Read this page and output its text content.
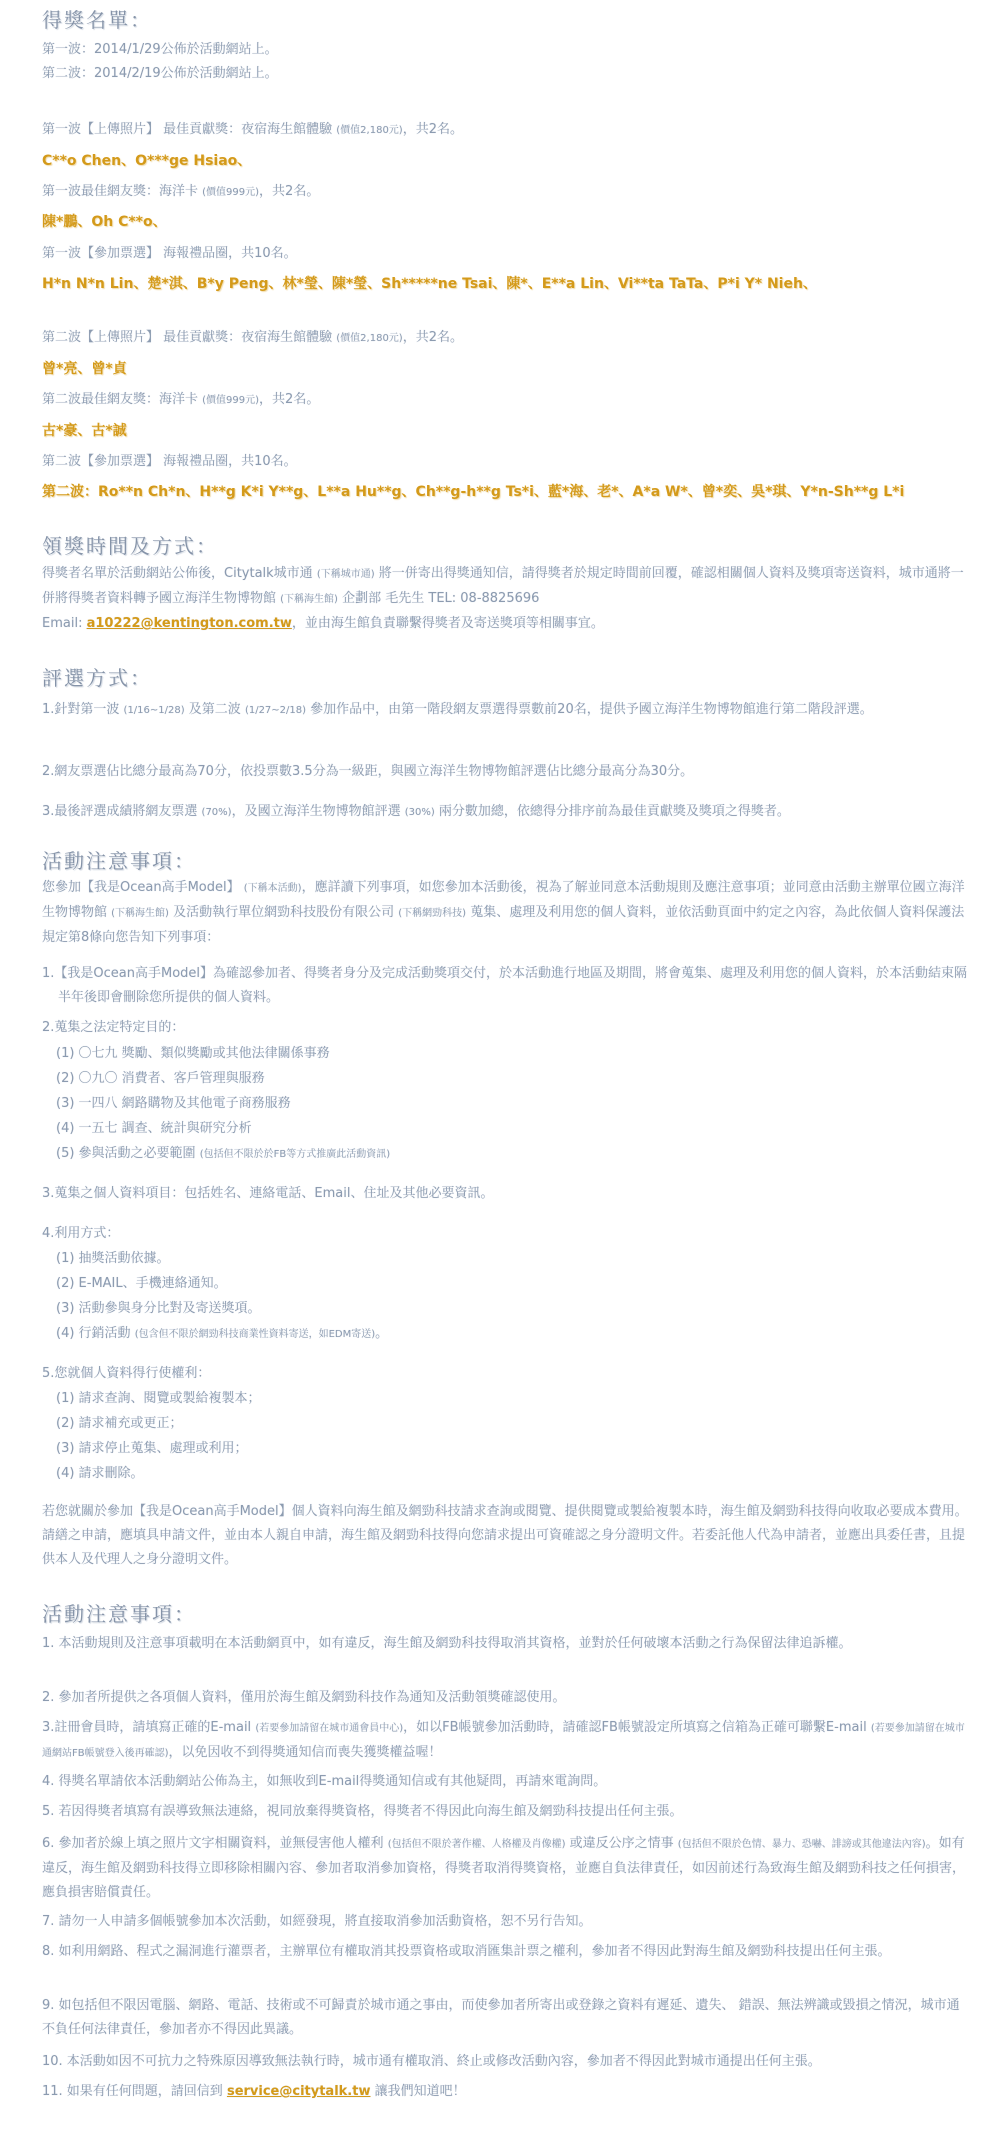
得獎名單：
第一波：2014/1/29公佈於活動網站上。
第二波：2014/2/19公佈於活動網站上。
第一波【上傳照片】 最佳貢獻獎：夜宿海生館體驗 (價值2,180元)，共2名。
C**o Chen、O***ge Hsiao、
第一波最佳網友獎：海洋卡 (價值999元)，共2名。
陳*鵬、Oh C**o、
第一波【參加票選】 海報禮品圈，共10名。
H*n N*n Lin、楚*淇、B*y Peng、林*瑩、陳*瑩、Sh*****ne Tsai、陳*、E**a Lin、Vi**ta TaTa、P*i Y* Nieh、
第二波【上傳照片】 最佳貢獻獎：夜宿海生館體驗 (價值2,180元)，共2名。
曾*亮、曾*貞
第二波最佳網友獎：海洋卡 (價值999元)，共2名。
古*豪、古*誠
第二波【參加票選】 海報禮品圈，共10名。
第二波：Ro**n Ch*n、H**g K*i Y**g、L**a Hu**g、Ch**g-h**g Ts*i、藍*海、老*、A*a W*、曾*奕、吳*琪、Y*n-Sh**g L*i
領獎時間及方式：
得獎者名單於活動網站公佈後，Citytalk城市通 (下稱城市通) 將一併寄出得獎通知信，請得獎者於規定時間前回覆，確認相關個人資料及獎項寄送資料，城市通將一併將得獎者資料轉予國立海洋生物博物館 (下稱海生館) 企劃部 毛先生 TEL: 08-8825696
Email: a10222@kentington.com.tw，並由海生館負責聯繫得獎者及寄送獎項等相關事宜。
評選方式：
1.針對第一波 (1/16~1/28) 及第二波 (1/27~2/18) 參加作品中，由第一階段網友票選得票數前20名，提供予國立海洋生物博物館進行第二階段評選。
2.網友票選佔比總分最高為70分，依投票數3.5分為一級距，與國立海洋生物博物館評選佔比總分最高分為30分。
3.最後評選成績將網友票選 (70%)，及國立海洋生物博物館評選 (30%) 兩分數加總，依總得分排序前為最佳貢獻獎及獎項之得獎者。
活動注意事項：
您參加【我是Ocean高手Model】 (下稱本活動)，應詳讀下列事項，如您參加本活動後，視為了解並同意本活動規則及應注意事項；並同意由活動主辦單位國立海洋生物博物館 (下稱海生館) 及活動執行單位網勁科技股份有限公司 (下稱網勁科技) 蒐集、處理及利用您的個人資料，並依活動頁面中約定之內容，為此依個人資料保護法規定第8條向您告知下列事項：
1.【我是Ocean高手Model】為確認參加者、得獎者身分及完成活動獎項交付，於本活動進行地區及期間，將會蒐集、處理及利用您的個人資料，於本活動結束隔半年後即會刪除您所提供的個人資料。
2.蒐集之法定特定目的：
(1) 〇七九 獎勵、類似獎勵或其他法律關係事務
(2) 〇九〇 消費者、客戶管理與服務
(3) 一四八 網路購物及其他電子商務服務
(4) 一五七 調查、統計與研究分析
(5) 參與活動之必要範圍 (包括但不限於於FB等方式推廣此活動資訊)
3.蒐集之個人資料項目：包括姓名、連絡電話、Email、住址及其他必要資訊。
4.利用方式：
(1) 抽獎活動依據。
(2) E-MAIL、手機連絡通知。
(3) 活動參與身分比對及寄送獎項。
(4) 行銷活動 (包含但不限於網勁科技商業性資料寄送，如EDM寄送)。
5.您就個人資料得行使權利：
(1) 請求查詢、閱覽或製給複製本；
(2) 請求補充或更正；
(3) 請求停止蒐集、處理或利用；
(4) 請求刪除。
若您就關於參加【我是Ocean高手Model】個人資料向海生館及網勁科技請求查詢或閱覽、提供閱覽或製給複製本時，海生館及網勁科技得向收取必要成本費用。請繕之申請，應填具申請文件，並由本人親自申請，海生館及網勁科技得向您請求提出可資確認之身分證明文件。若委託他人代為申請者，並應出具委任書，且提供本人及代理人之身分證明文件。
活動注意事項：
1. 本活動規則及注意事項載明在本活動網頁中，如有違反，海生館及網勁科技得取消其資格，並對於任何破壞本活動之行為保留法律追訴權。
2. 參加者所提供之各項個人資料，僅用於海生館及網勁科技作為通知及活動領獎確認使用。
3.註冊會員時，請填寫正確的E-mail (若要參加請留在城市通會員中心)，如以FB帳號參加活動時，請確認FB帳號設定所填寫之信箱為正確可聯繫E-mail (若要參加請留在城市通網站FB帳號登入後再確認)，以免因收不到得獎通知信而喪失獲獎權益喔！
4. 得獎名單請依本活動網站公佈為主，如無收到E-mail得獎通知信或有其他疑問，再請來電詢問。
5. 若因得獎者填寫有誤導致無法連絡，視同放棄得獎資格，得獎者不得因此向海生館及網勁科技提出任何主張。
6. 參加者於線上填之照片文字相關資料，並無侵害他人權利 (包括但不限於著作權、人格權及肖像權) 或違反公序之情事 (包括但不限於色情、暴力、恐嚇、誹謗或其他違法內容)。如有違反，海生館及網勁科技得立即移除相關內容、參加者取消參加資格，得獎者取消得獎資格，並應自負法律責任，如因前述行為致海生館及網勁科技之任何損害，應負損害賠償責任。
7. 請勿一人申請多個帳號參加本次活動，如經發現，將直接取消參加活動資格，恕不另行告知。
8. 如利用網路、程式之漏洞進行灌票者，主辦單位有權取消其投票資格或取消匯集計票之權利，參加者不得因此對海生館及網勁科技提出任何主張。
9. 如包括但不限因電腦、網路、電話、技術或不可歸責於城市通之事由，而使參加者所寄出或登錄之資料有遲延、遺失、 錯誤、無法辨識或毀損之情況，城市通不負任何法律責任，參加者亦不得因此異議。
10. 本活動如因不可抗力之特殊原因導致無法執行時，城市通有權取消、終止或修改活動內容，參加者不得因此對城市通提出任何主張。
11. 如果有任何問題，請回信到 service@citytalk.tw 讓我們知道吧！
